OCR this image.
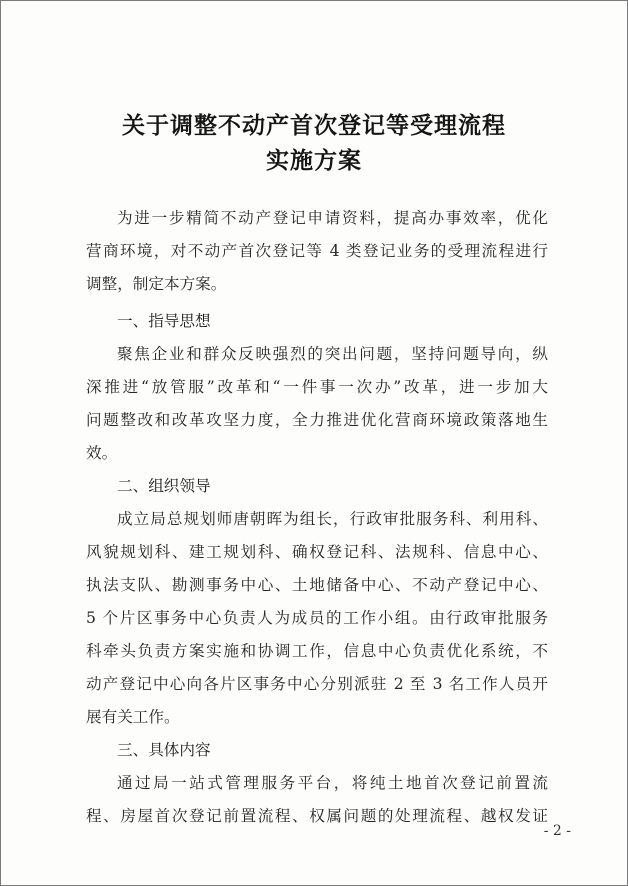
关于调整不动产首次登记等受理流程
实施方案
为进一步精简不动产登记申请资料，提高办事效率，优化
营商环境，对不动产首次登记等 4 类登记业务的受理流程进行
调整，制定本方案。
一、指导思想
聚焦企业和群众反映强烈的突出问题，坚持问题导向，纵
深推进“放管服”改革和“一件事一次办”改革，进一步加大
问题整改和改革攻坚力度，全力推进优化营商环境政策落地生
效。
二、组织领导
成立局总规划师唐朝晖为组长，行政审批服务科、利用科、
风貌规划科、建工规划科、确权登记科、法规科、信息中心、
执法支队、勘测事务中心、土地储备中心、不动产登记中心、
5 个片区事务中心负责人为成员的工作小组。由行政审批服务
科牵头负责方案实施和协调工作，信息中心负责优化系统，不
动产登记中心向各片区事务中心分别派驻 2 至 3 名工作人员开
展有关工作。
三、具体内容
通过局一站式管理服务平台，将纯土地首次登记前置流
程、房屋首次登记前置流程、权属问题的处理流程、越权发证
- 2 -
